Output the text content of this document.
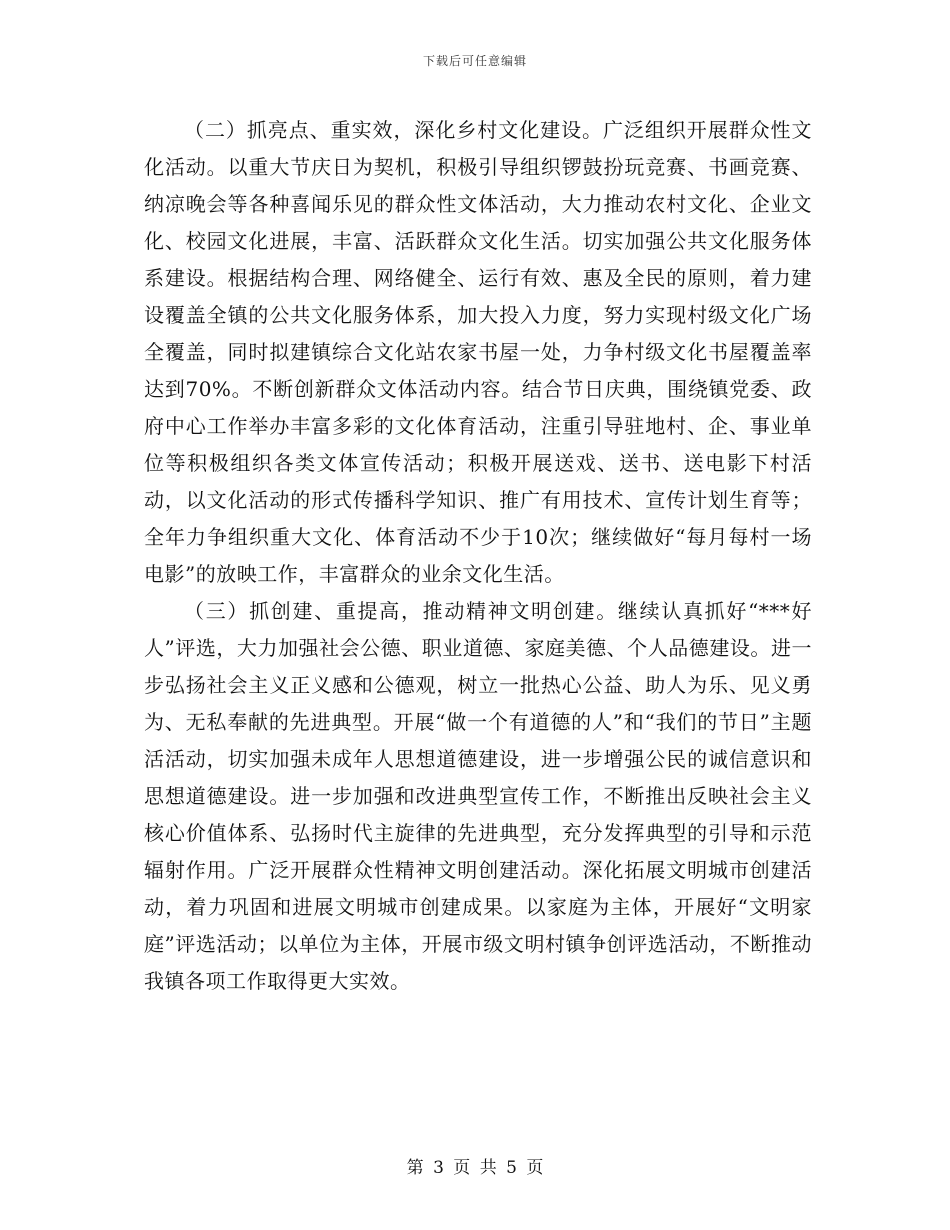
下载后可任意编辑

（二）抓亮点、重实效，深化乡村文化建设。广泛组织开展群众性文化活动。以重大节庆日为契机，积极引导组织锣鼓扮玩竞赛、书画竞赛、纳凉晚会等各种喜闻乐见的群众性文体活动，大力推动农村文化、企业文化、校园文化进展，丰富、活跃群众文化生活。切实加强公共文化服务体系建设。根据结构合理、网络健全、运行有效、惠及全民的原则，着力建设覆盖全镇的公共文化服务体系，加大投入力度，努力实现村级文化广场全覆盖，同时拟建镇综合文化站农家书屋一处，力争村级文化书屋覆盖率达到70%。不断创新群众文体活动内容。结合节日庆典，围绕镇党委、政府中心工作举办丰富多彩的文化体育活动，注重引导驻地村、企、事业单位等积极组织各类文体宣传活动；积极开展送戏、送书、送电影下村活动，以文化活动的形式传播科学知识、推广有用技术、宣传计划生育等；全年力争组织重大文化、体育活动不少于10次；继续做好“每月每村一场电影”的放映工作，丰富群众的业余文化生活。

（三）抓创建、重提高，推动精神文明创建。继续认真抓好“***好人”评选，大力加强社会公德、职业道德、家庭美德、个人品德建设。进一步弘扬社会主义正义感和公德观，树立一批热心公益、助人为乐、见义勇为、无私奉献的先进典型。开展“做一个有道德的人”和“我们的节日”主题活活动，切实加强未成年人思想道德建设，进一步增强公民的诚信意识和思想道德建设。进一步加强和改进典型宣传工作，不断推出反映社会主义核心价值体系、弘扬时代主旋律的先进典型，充分发挥典型的引导和示范辐射作用。广泛开展群众性精神文明创建活动。深化拓展文明城市创建活动，着力巩固和进展文明城市创建成果。以家庭为主体，开展好“文明家庭”评选活动；以单位为主体，开展市级文明村镇争创评选活动，不断推动我镇各项工作取得更大实效。

第 3 页 共 5 页
